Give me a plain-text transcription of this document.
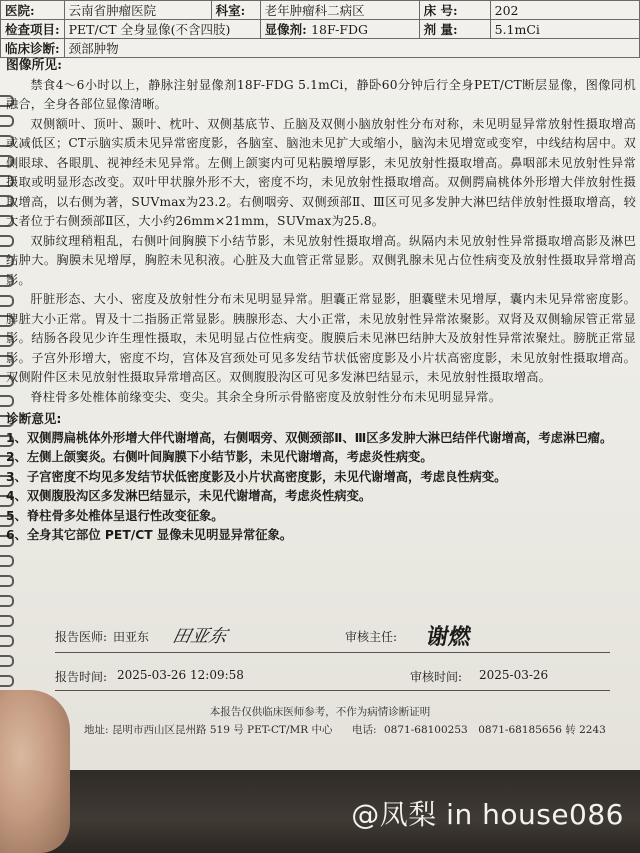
医院:	云南省肿瘤医院	科室:	老年肿瘤科二病区	床 号:	202
检查项目:	PET/CT 全身显像(不含四肢)		显像剂: 18F-FDG	剂 量:	5.1mCi
临床诊断:	颈部肿物				

图像所见:

禁食4～6小时以上，静脉注射显像剂18F-FDG 5.1mCi，静卧60分钟后行全身PET/CT断层显像，图像同机融合，全身各部位显像清晰。

双侧额叶、顶叶、颞叶、枕叶、双侧基底节、丘脑及双侧小脑放射性分布对称，未见明显异常放射性摄取增高或减低区；CT示脑实质未见异常密度影，各脑室、脑池未见扩大或缩小，脑沟未见增宽或变窄，中线结构居中。双侧眼球、各眼肌、视神经未见异常。左侧上颌窦内可见粘膜增厚影，未见放射性摄取增高。鼻咽部未见放射性异常摄取或明显形态改变。双叶甲状腺外形不大，密度不均，未见放射性摄取增高。双侧腭扁桃体外形增大伴放射性摄取增高，以右侧为著，SUVmax为23.2。右侧咽旁、双侧颈部Ⅱ、Ⅲ区可见多发肿大淋巴结伴放射性摄取增高，较大者位于右侧颈部Ⅱ区，大小约26mm×21mm，SUVmax为25.8。

双肺纹理稍粗乱，右侧叶间胸膜下小结节影，未见放射性摄取增高。纵隔内未见放射性异常摄取增高影及淋巴结肿大。胸膜未见增厚，胸腔未见积液。心脏及大血管正常显影。双侧乳腺未见占位性病变及放射性摄取异常增高影。

肝脏形态、大小、密度及放射性分布未见明显异常。胆囊正常显影，胆囊壁未见增厚，囊内未见异常密度影。脾脏大小正常。胃及十二指肠正常显影。胰腺形态、大小正常，未见放射性异常浓聚影。双肾及双侧输尿管正常显影。结肠各段见少许生理性摄取，未见明显占位性病变。腹膜后未见淋巴结肿大及放射性异常浓聚灶。膀胱正常显影。子宫外形增大，密度不均，宫体及宫颈处可见多发结节状低密度影及小片状高密度影，未见放射性摄取增高。双侧附件区未见放射性摄取异常增高区。双侧腹股沟区可见多发淋巴结显示，未见放射性摄取增高。

脊柱骨多处椎体前缘变尖、变尖。其余全身所示骨骼密度及放射性分布未见明显异常。

诊断意见:

1、双侧腭扁桃体外形增大伴代谢增高，右侧咽旁、双侧颈部Ⅱ、Ⅲ区多发肿大淋巴结伴代谢增高，考虑淋巴瘤。

2、左侧上颌窦炎。右侧叶间胸膜下小结节影，未见代谢增高，考虑炎性病变。

3、子宫密度不均见多发结节状低密度影及小片状高密度影，未见代谢增高，考虑良性病变。

4、双侧腹股沟区多发淋巴结显示，未见代谢增高，考虑炎性病变。

5、脊柱骨多处椎体呈退行性改变征象。

6、全身其它部位 PET/CT 显像未见明显异常征象。

报告医师: 田亚东 田亚东	审核主任: 谢燃
报告时间: 2025-03-26 12:09:58	审核时间: 2025-03-26
本报告仅供临床医师参考，不作为病情诊断证明
地址: 昆明市西山区昆州路 519 号 PET-CT/MR 中心 电话: 0871-68100253　0871-68185656 转 2243
@凤梨 in house086
